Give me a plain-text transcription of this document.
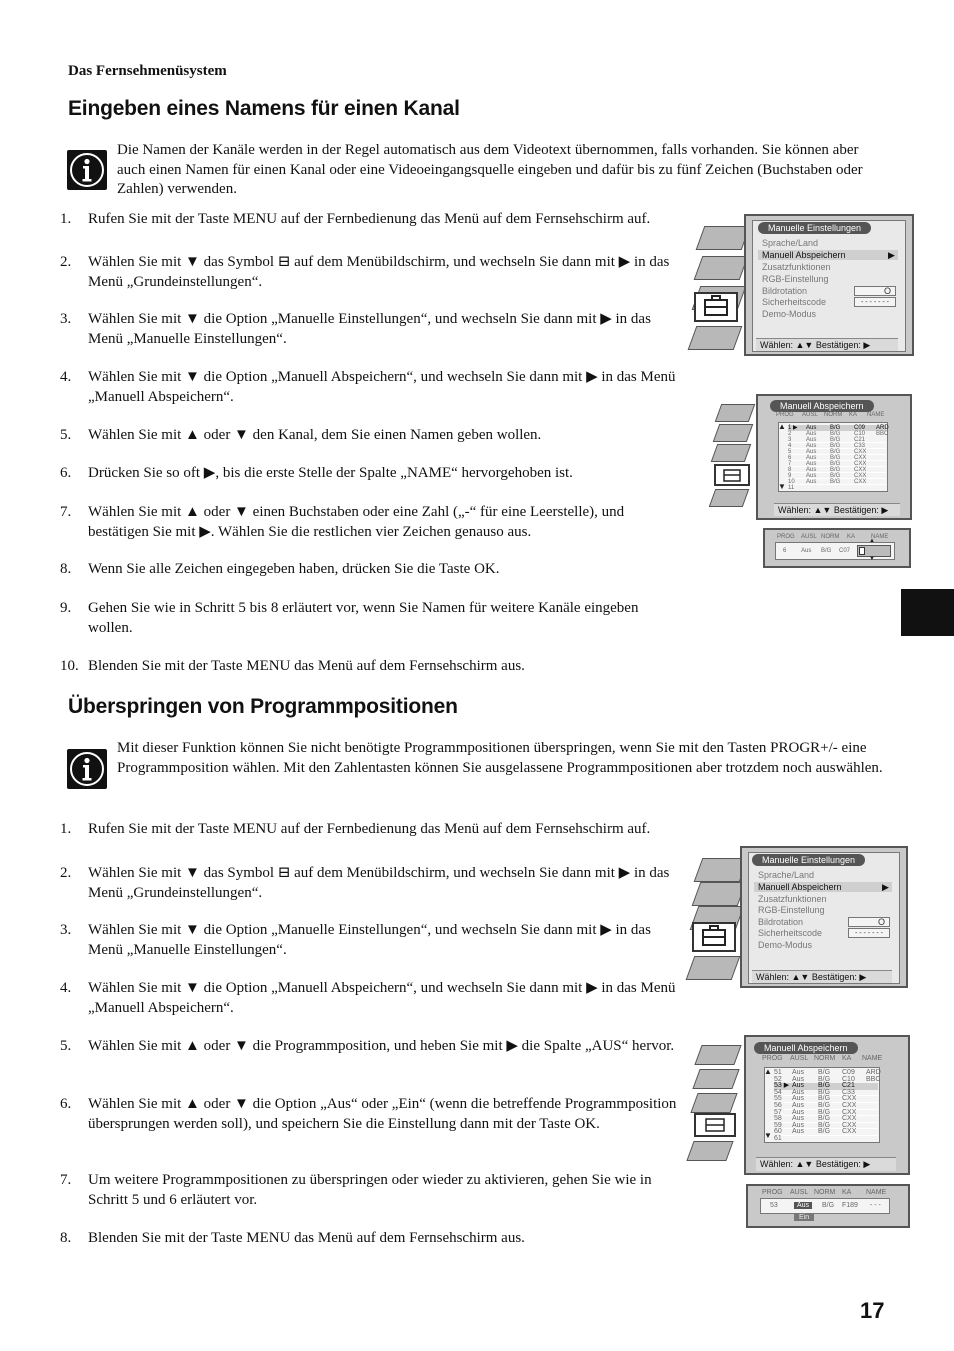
Das Fernsehmenüsystem
Eingeben eines Namens für einen Kanal
Die Namen der Kanäle werden in der Regel automatisch aus dem Videotext übernommen, falls vorhanden. Sie können aber auch einen Namen für einen Kanal oder eine Videoeingangsquelle eingeben und dafür bis zu fünf Zeichen (Buchstaben oder Zahlen) verwenden.
1.	Rufen Sie mit der Taste MENU auf der Fernbedienung das Menü auf dem Fernsehschirm auf.
2.	Wählen Sie mit ▼ das Symbol ⊟ auf dem Menübildschirm, und wechseln Sie dann mit ▶ in das Menü „Grundeinstellungen“.
3.	Wählen Sie mit ▼ die Option „Manuelle Einstellungen“, und wechseln Sie dann mit ▶ in das Menü „Manuelle Einstellungen“.
4.	Wählen Sie mit ▼ die Option „Manuell Abspeichern“, und wechseln Sie dann mit ▶ in das Menü „Manuell Abspeichern“.
5.	Wählen Sie mit ▲ oder ▼ den Kanal, dem Sie einen Namen geben wollen.
6.	Drücken Sie so oft ▶, bis die erste Stelle der Spalte „NAME“ hervorgehoben ist.
7.	Wählen Sie mit ▲ oder ▼ einen Buchstaben oder eine Zahl („-“ für eine Leerstelle), und bestätigen Sie mit ▶. Wählen Sie die restlichen vier Zeichen genauso aus.
8.	Wenn Sie alle Zeichen eingegeben haben, drücken Sie die Taste OK.
9.	Gehen Sie wie in Schritt 5 bis 8 erläutert vor, wenn Sie Namen für weitere Kanäle eingeben wollen.
10. Blenden Sie mit der Taste MENU das Menü auf dem Fernsehschirm aus.
Überspringen von Programmpositionen
Mit dieser Funktion können Sie nicht benötigte Programmpositionen überspringen, wenn Sie mit den Tasten PROGR+/- eine Programmposition wählen. Mit den Zahlentasten können Sie ausgelassene Programmpositionen aber trotzdem noch auswählen.
1.	Rufen Sie mit der Taste MENU auf der Fernbedienung das Menü auf dem Fernsehschirm auf.
2.	Wählen Sie mit ▼ das Symbol ⊟ auf dem Menübildschirm, und wechseln Sie dann mit ▶ in das Menü „Grundeinstellungen“.
3.	Wählen Sie mit ▼ die Option „Manuelle Einstellungen“, und wechseln Sie dann mit ▶ in das Menü „Manuelle Einstellungen“.
4.	Wählen Sie mit ▼ die Option „Manuell Abspeichern“, und wechseln Sie dann mit ▶ in das Menü „Manuell Abspeichern“.
5.	Wählen Sie mit ▲ oder ▼ die Programmposition, und heben Sie mit ▶ die Spalte „AUS“ hervor.
6.	Wählen Sie mit ▲ oder ▼ die Option „Aus“ oder „Ein“ (wenn die betreffende Programmposition übersprungen werden soll), und speichern Sie die Einstellung dann mit der Taste OK.
7.	Um weitere Programmpositionen zu überspringen oder wieder zu aktivieren, gehen Sie wie in Schritt 5 und 6 erläutert vor.
8.	Blenden Sie mit der Taste MENU das Menü auf dem Fernsehschirm aus.
17
Manuelle Einstellungen
Sprache/Land
Manuell Abspeichern	▶
Zusatzfunktionen
RGB-Einstellung
Bildrotation	O
Sicherheitscode	- - - - - - -
Demo-Modus
Wählen: ▲▼ Bestätigen: ▶
Manuell Abspeichern
PROG AUSL NORM KA NAME
1 ▶ Aus B/G C09 ARD
2 Aus B/G C10 BBC
3 Aus B/G C21
4 Aus B/G C33
5 Aus B/G CXX
6 Aus B/G CXX
7 Aus B/G CXX
8 Aus B/G CXX
9 Aus B/G CXX
10 Aus B/G CXX
▲
▼ 11
Wählen: ▲▼ Bestätigen: ▶
PROG AUSL NORM KA	NAME
6 Aus B/G C07
▲
▼
Manuelle Einstellungen
Sprache/Land
Manuell Abspeichern	▶
Zusatzfunktionen
RGB-Einstellung
Bildrotation	O
Sicherheitscode	- - - - - - -
Demo-Modus
Wählen: ▲▼ Bestätigen: ▶
Manuell Abspeichern
PROG AUSL NORM KA NAME
51 Aus B/G C09 ARD
52 Aus B/G C10 BBC
53 ▶ Aus B/G C21
54 Aus B/G C33
55 Aus B/G CXX
56 Aus B/G CXX
57 Aus B/G CXX
58 Aus B/G CXX
59 Aus B/G CXX
60 Aus B/G CXX
▲
▼ 61
Wählen: ▲▼ Bestätigen: ▶
PROG AUSL NORM KA NAME
53	Aus	B/G F189 - - -
Ein
